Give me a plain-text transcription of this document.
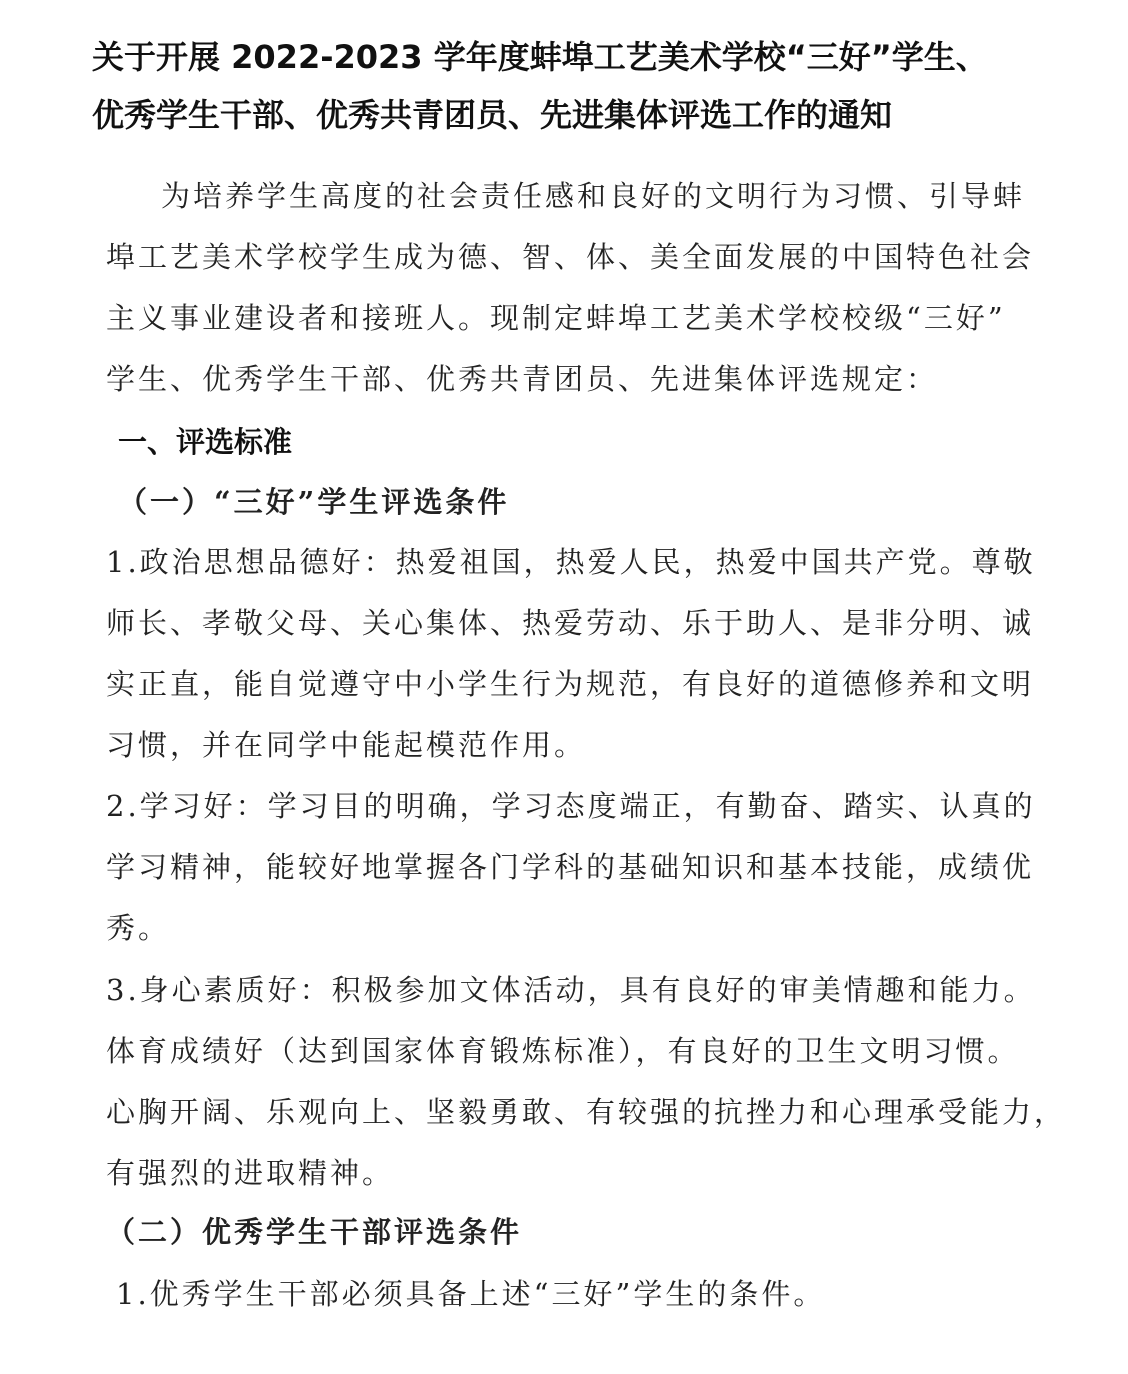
关于开展 2022-2023 学年度蚌埠工艺美术学校“三好”学生、
优秀学生干部、优秀共青团员、先进集体评选工作的通知
为培养学生高度的社会责任感和良好的文明行为习惯、引导蚌
埠工艺美术学校学生成为德、智、体、美全面发展的中国特色社会
主义事业建设者和接班人。现制定蚌埠工艺美术学校校级“三好”
学生、优秀学生干部、优秀共青团员、先进集体评选规定：
一、评选标准
（一）“三好”学生评选条件
1.政治思想品德好：热爱祖国，热爱人民，热爱中国共产党。尊敬
师长、孝敬父母、关心集体、热爱劳动、乐于助人、是非分明、诚
实正直，能自觉遵守中小学生行为规范，有良好的道德修养和文明
习惯，并在同学中能起模范作用。
2.学习好：学习目的明确，学习态度端正，有勤奋、踏实、认真的
学习精神，能较好地掌握各门学科的基础知识和基本技能，成绩优
秀。
3.身心素质好：积极参加文体活动，具有良好的审美情趣和能力。
体育成绩好（达到国家体育锻炼标准），有良好的卫生文明习惯。
心胸开阔、乐观向上、坚毅勇敢、有较强的抗挫力和心理承受能力，
有强烈的进取精神。
（二）优秀学生干部评选条件
1.优秀学生干部必须具备上述“三好”学生的条件。
